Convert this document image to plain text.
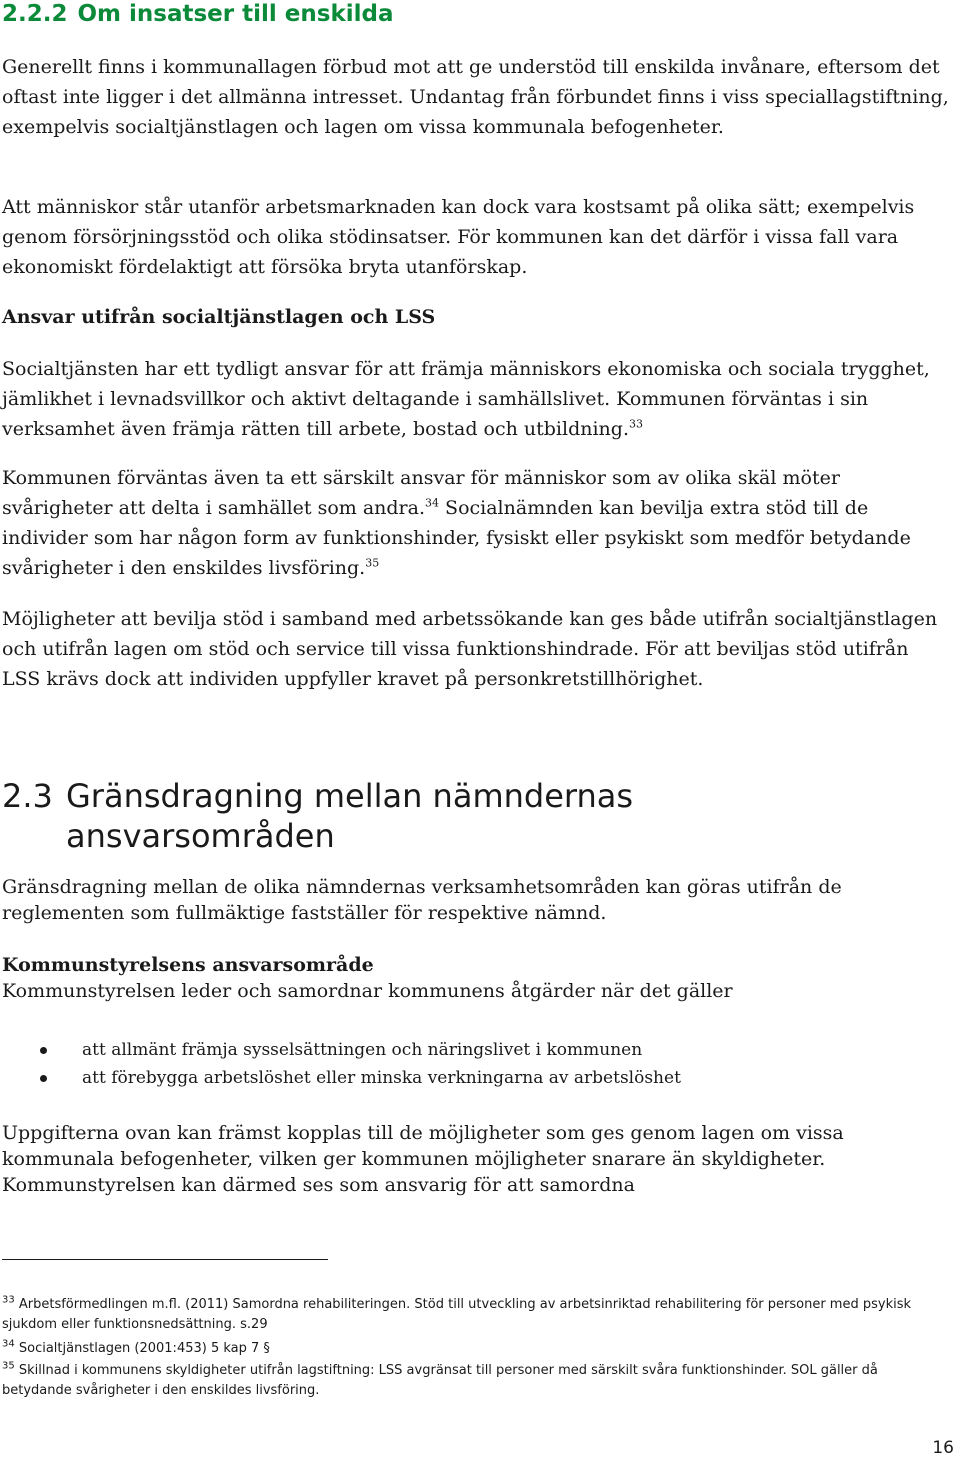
2.2.2 Om insatser till enskilda

Generellt finns i kommunallagen förbud mot att ge understöd till enskilda invånare, eftersom det oftast inte ligger i det allmänna intresset. Undantag från förbundet finns i viss speciallagstiftning, exempelvis socialtjänstlagen och lagen om vissa kommunala befogenheter.

Att människor står utanför arbetsmarknaden kan dock vara kostsamt på olika sätt; exempelvis genom försörjningsstöd och olika stödinsatser. För kommunen kan det därför i vissa fall vara ekonomiskt fördelaktigt att försöka bryta utanförskap.

Ansvar utifrån socialtjänstlagen och LSS

Socialtjänsten har ett tydligt ansvar för att främja människors ekonomiska och sociala trygghet, jämlikhet i levnadsvillkor och aktivt deltagande i samhällslivet. Kommunen förväntas i sin verksamhet även främja rätten till arbete, bostad och utbildning.$^{33}$

Kommunen förväntas även ta ett särskilt ansvar för människor som av olika skäl möter svårigheter att delta i samhället som andra.$^{34}$ Socialnämnden kan bevilja extra stöd till de individer som har någon form av funktionshinder, fysiskt eller psykiskt som medför betydande svårigheter i den enskildes livsföring.$^{35}$

Möjligheter att bevilja stöd i samband med arbetssökande kan ges både utifrån socialtjänstlagen och utifrån lagen om stöd och service till vissa funktionshindrade. För att beviljas stöd utifrån LSS krävs dock att individen uppfyller kravet på personkretstillhörighet.

2.3 Gränsdragning mellan nämndernas
ansvarsområden

Gränsdragning mellan de olika nämndernas verksamhetsområden kan göras utifrån de reglementen som fullmäktige fastställer för respektive nämnd.

Kommunstyrelsens ansvarsområde

Kommunstyrelsen leder och samordnar kommunens åtgärder när det gäller

att allmänt främja sysselsättningen och näringslivet i kommunen
att förebygga arbetslöshet eller minska verkningarna av arbetslöshet

Uppgifterna ovan kan främst kopplas till de möjligheter som ges genom lagen om vissa kommunala befogenheter, vilken ger kommunen möjligheter snarare än skyldigheter. Kommunstyrelsen kan därmed ses som ansvarig för att samordna

$^{33}$ Arbetsförmedlingen m.fl. (2011) Samordna rehabiliteringen. Stöd till utveckling av arbetsinriktad rehabilitering för personer med psykisk sjukdom eller funktionsnedsättning. s.29

$^{34}$ Socialtjänstlagen (2001:453) 5 kap 7 §

$^{35}$ Skillnad i kommunens skyldigheter utifrån lagstiftning: LSS avgränsat till personer med särskilt svåra funktionshinder. SOL gäller då betydande svårigheter i den enskildes livsföring.

16
